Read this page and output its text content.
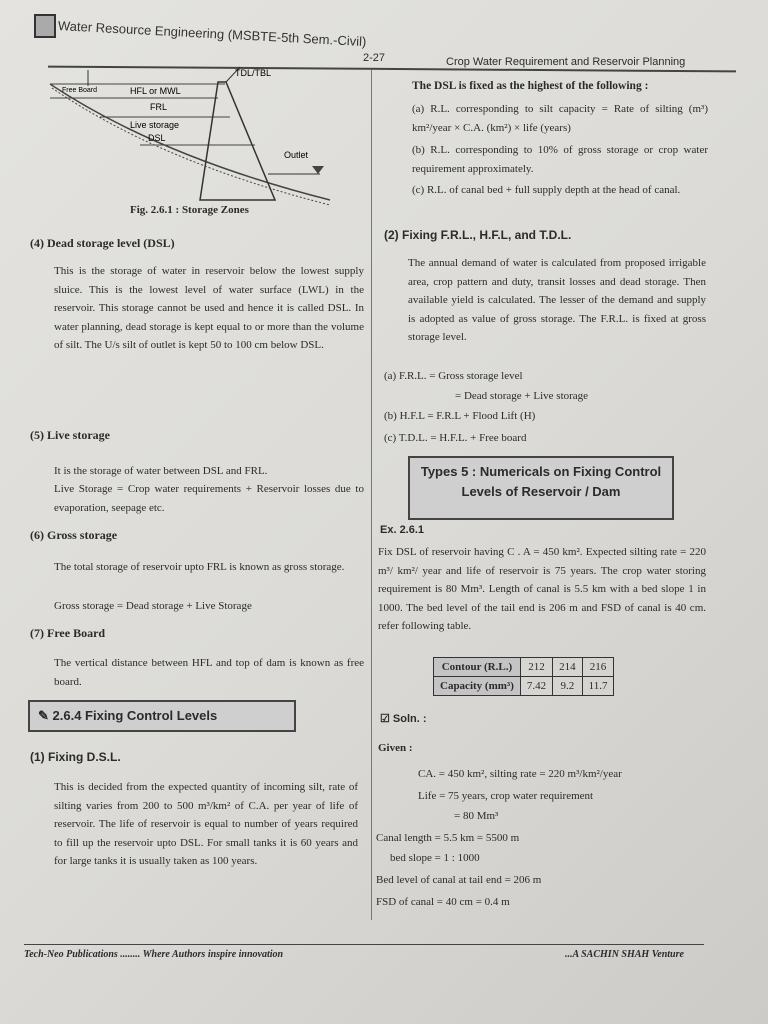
Water Resource Engineering (MSBTE-5th Sem.-Civil)
2-27	Crop Water Requirement and Reservoir Planning
TDL/TBL
Free Board	HFL or MWL
FRL
Live storage
DSL
Outlet
Fig. 2.6.1 : Storage Zones
(4) Dead storage level (DSL)
This is the storage of water in reservoir below the lowest supply sluice. This is the lowest level of water surface (LWL) in the reservoir. This storage cannot be used and hence it is called DSL. In water planning, dead storage is kept equal to or more than the volume of silt. The U/s silt of outlet is kept 50 to 100 cm below DSL.
(5) Live storage
It is the storage of water between DSL and FRL.
Live Storage = Crop water requirements + Reservoir losses due to evaporation, seepage etc.
(6) Gross storage
The total storage of reservoir upto FRL is known as gross storage.
Gross storage = Dead storage + Live Storage
(7) Free Board
The vertical distance between HFL and top of dam is known as free board.
✎ 2.6.4 Fixing Control Levels
(1) Fixing D.S.L.
This is decided from the expected quantity of incoming silt, rate of silting varies from 200 to 500 m³/km² of C.A. per year of life of reservoir. The life of reservoir is equal to number of years required to fill up the reservoir upto DSL. For small tanks it is 60 years and for large tanks it is usually taken as 100 years.
The DSL is fixed as the highest of the following :
(a) R.L. corresponding to silt capacity = Rate of silting (m³) km²/year × C.A. (km²) × life (years)
(b) R.L. corresponding to 10% of gross storage or crop water requirement approximately.
(c) R.L. of canal bed + full supply depth at the head of canal.
(2) Fixing F.R.L., H.F.L, and T.D.L.
The annual demand of water is calculated from proposed irrigable area, crop pattern and duty, transit losses and dead storage. Then available yield is calculated. The lesser of the demand and supply is adopted as value of gross storage. The F.R.L. is fixed at gross storage level.
(a) F.R.L. = Gross storage level
= Dead storage + Live storage
(b) H.F.L = F.R.L + Flood Lift (H)
(c) T.D.L. = H.F.L. + Free board
Types 5 : Numericals on Fixing Control Levels of Reservoir / Dam
Ex. 2.6.1
Fix DSL of reservoir having C . A = 450 km². Expected silting rate = 220 m³/ km²/ year and life of reservoir is 75 years. The crop water storing requirement is 80 Mm³. Length of canal is 5.5 km with a bed slope 1 in 1000. The bed level of the tail end is 206 m and FSD of canal is 40 cm. refer following table.
Contour (R.L.)	212	214	216
Capacity (mm³)	7.42	9.2	11.7
☑ Soln. :
Given :
CA. = 450 km², silting rate = 220 m³/km²/year
Life = 75 years, crop water requirement
= 80 Mm³
Canal length = 5.5 km = 5500 m
bed slope = 1 : 1000
Bed level of canal at tail end = 206 m
FSD of canal = 40 cm = 0.4 m
Tech-Neo Publications ........ Where Authors inspire innovation	...A SACHIN SHAH Venture
